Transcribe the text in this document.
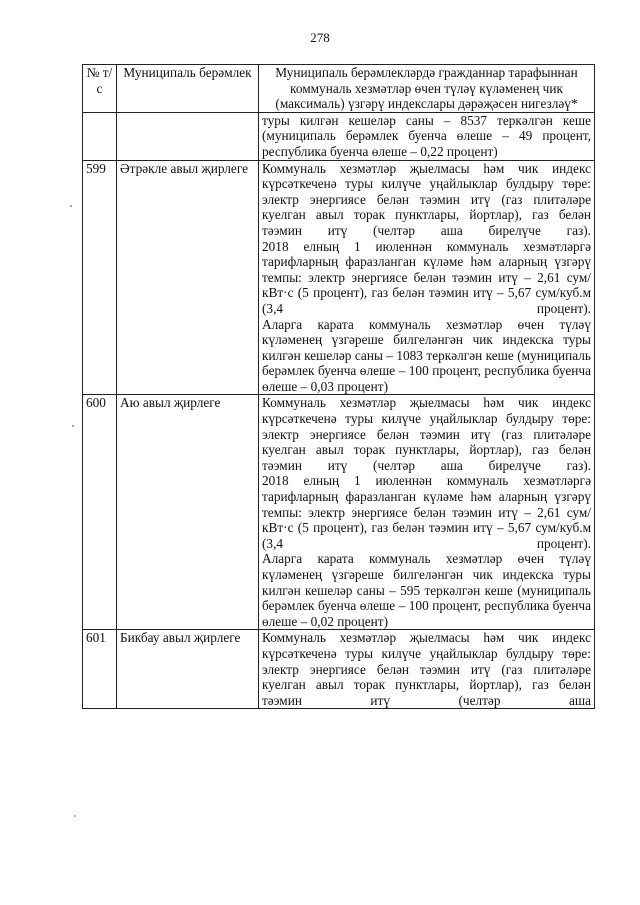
278
№ т/с	Муниципаль берәмлек	Муниципаль берәмлекләрдә гражданнар тарафыннан коммуналь хезмәтләр өчен түләү күләменең чик (максималь) үзгәрү индекслары дәрәҗәсен нигезләү*

		туры килгән кешеләр саны – 8537 теркәлгән кеше (муниципаль берәмлек буенча өлеше – 49 процент, республика буенча өлеше – 0,22 процент)

599	Әтрәкле авыл җирлеге	Коммуналь хезмәтләр җыелмасы һәм чик индекс күрсәткеченә туры килүче уңайлыклар булдыру төре: электр энергиясе белән тәэмин итү (газ плитәләре куелган авыл торак пунктлары, йортлар), газ белән тәэмин итү (челтәр аша бирелүче газ).
2018 елның 1 июленнән коммуналь хезмәтләргә тарифларның фаразланган күләме һәм аларның үзгәрү темпы: электр энергиясе белән тәэмин итү – 2,61 сум/кВт·с (5 процент), газ белән тәэмин итү – 5,67 сум/куб.м (3,4 процент).
Аларга карата коммуналь хезмәтләр өчен түләү күләменең үзгәреше билгеләнгән чик индекска туры килгән кешеләр саны – 1083 теркәлгән кеше (муниципаль берәмлек буенча өлеше – 100 процент, республика буенча өлеше – 0,03 процент)

600	Аю авыл җирлеге	Коммуналь хезмәтләр җыелмасы һәм чик индекс күрсәткеченә туры килүче уңайлыклар булдыру төре: электр энергиясе белән тәэмин итү (газ плитәләре куелган авыл торак пунктлары, йортлар), газ белән тәэмин итү (челтәр аша бирелүче газ).
2018 елның 1 июленнән коммуналь хезмәтләргә тарифларның фаразланган күләме һәм аларның үзгәрү темпы: электр энергиясе белән тәэмин итү – 2,61 сум/кВт·с (5 процент), газ белән тәэмин итү – 5,67 сум/куб.м (3,4 процент).
Аларга карата коммуналь хезмәтләр өчен түләү күләменең үзгәреше билгеләнгән чик индекска туры килгән кешеләр саны – 595 теркәлгән кеше (муниципаль берәмлек буенча өлеше – 100 процент, республика буенча өлеше – 0,02 процент)

601	Бикбау авыл җирлеге	Коммуналь хезмәтләр җыелмасы һәм чик индекс күрсәткеченә туры килүче уңайлыклар булдыру төре: электр энергиясе белән тәэмин итү (газ плитәләре куелган авыл торак пунктлары, йортлар), газ белән тәэмин итү (челтәр аша
